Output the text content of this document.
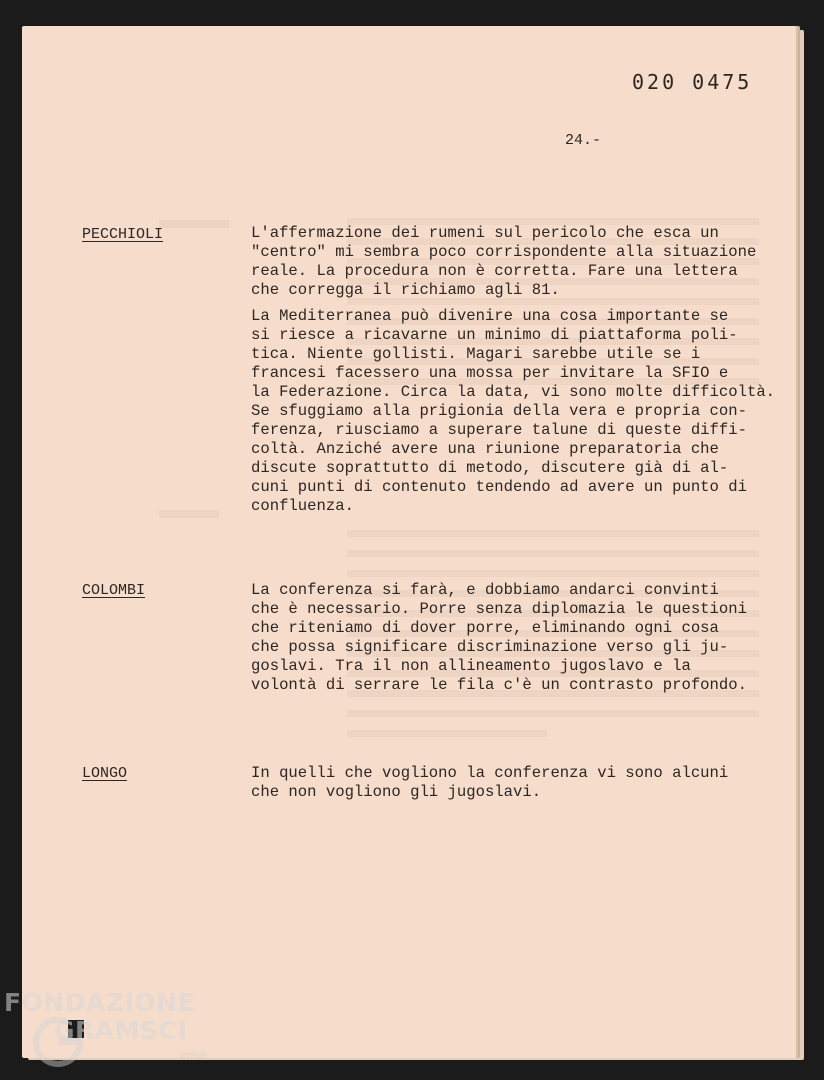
020 0475
24.-
PECCHIOLI	L'affermazione dei rumeni sul pericolo che esca un
"centro" mi sembra poco corrispondente alla situazione
reale. La procedura non è corretta. Fare una lettera
che corregga il richiamo agli 81.
La Mediterranea può divenire una cosa importante se
si riesce a ricavarne un minimo di piattaforma poli-
tica. Niente gollisti. Magari sarebbe utile se i
francesi facessero una mossa per invitare la SFIO e
la Federazione. Circa la data, vi sono molte difficoltà.
Se sfuggiamo alla prigionia della vera e propria con-
ferenza, riusciamo a superare talune di queste diffi-
coltà. Anziché avere una riunione preparatoria che
discute soprattutto di metodo, discutere già di al-
cuni punti di contenuto tendendo ad avere un punto di
confluenza.
COLOMBI	La conferenza si farà, e dobbiamo andarci convinti
che è necessario. Porre senza diplomazia le questioni
che riteniamo di dover porre, eliminando ogni cosa
che possa significare discriminazione verso gli ju-
goslavi. Tra il non allineamento jugoslavo e la
volontà di serrare le fila c'è un contrasto profondo.
LONGO	In quelli che vogliono la conferenza vi sono alcuni
che non vogliono gli jugoslavi.
FONDAZIONE
GRAMSCI
onlus
